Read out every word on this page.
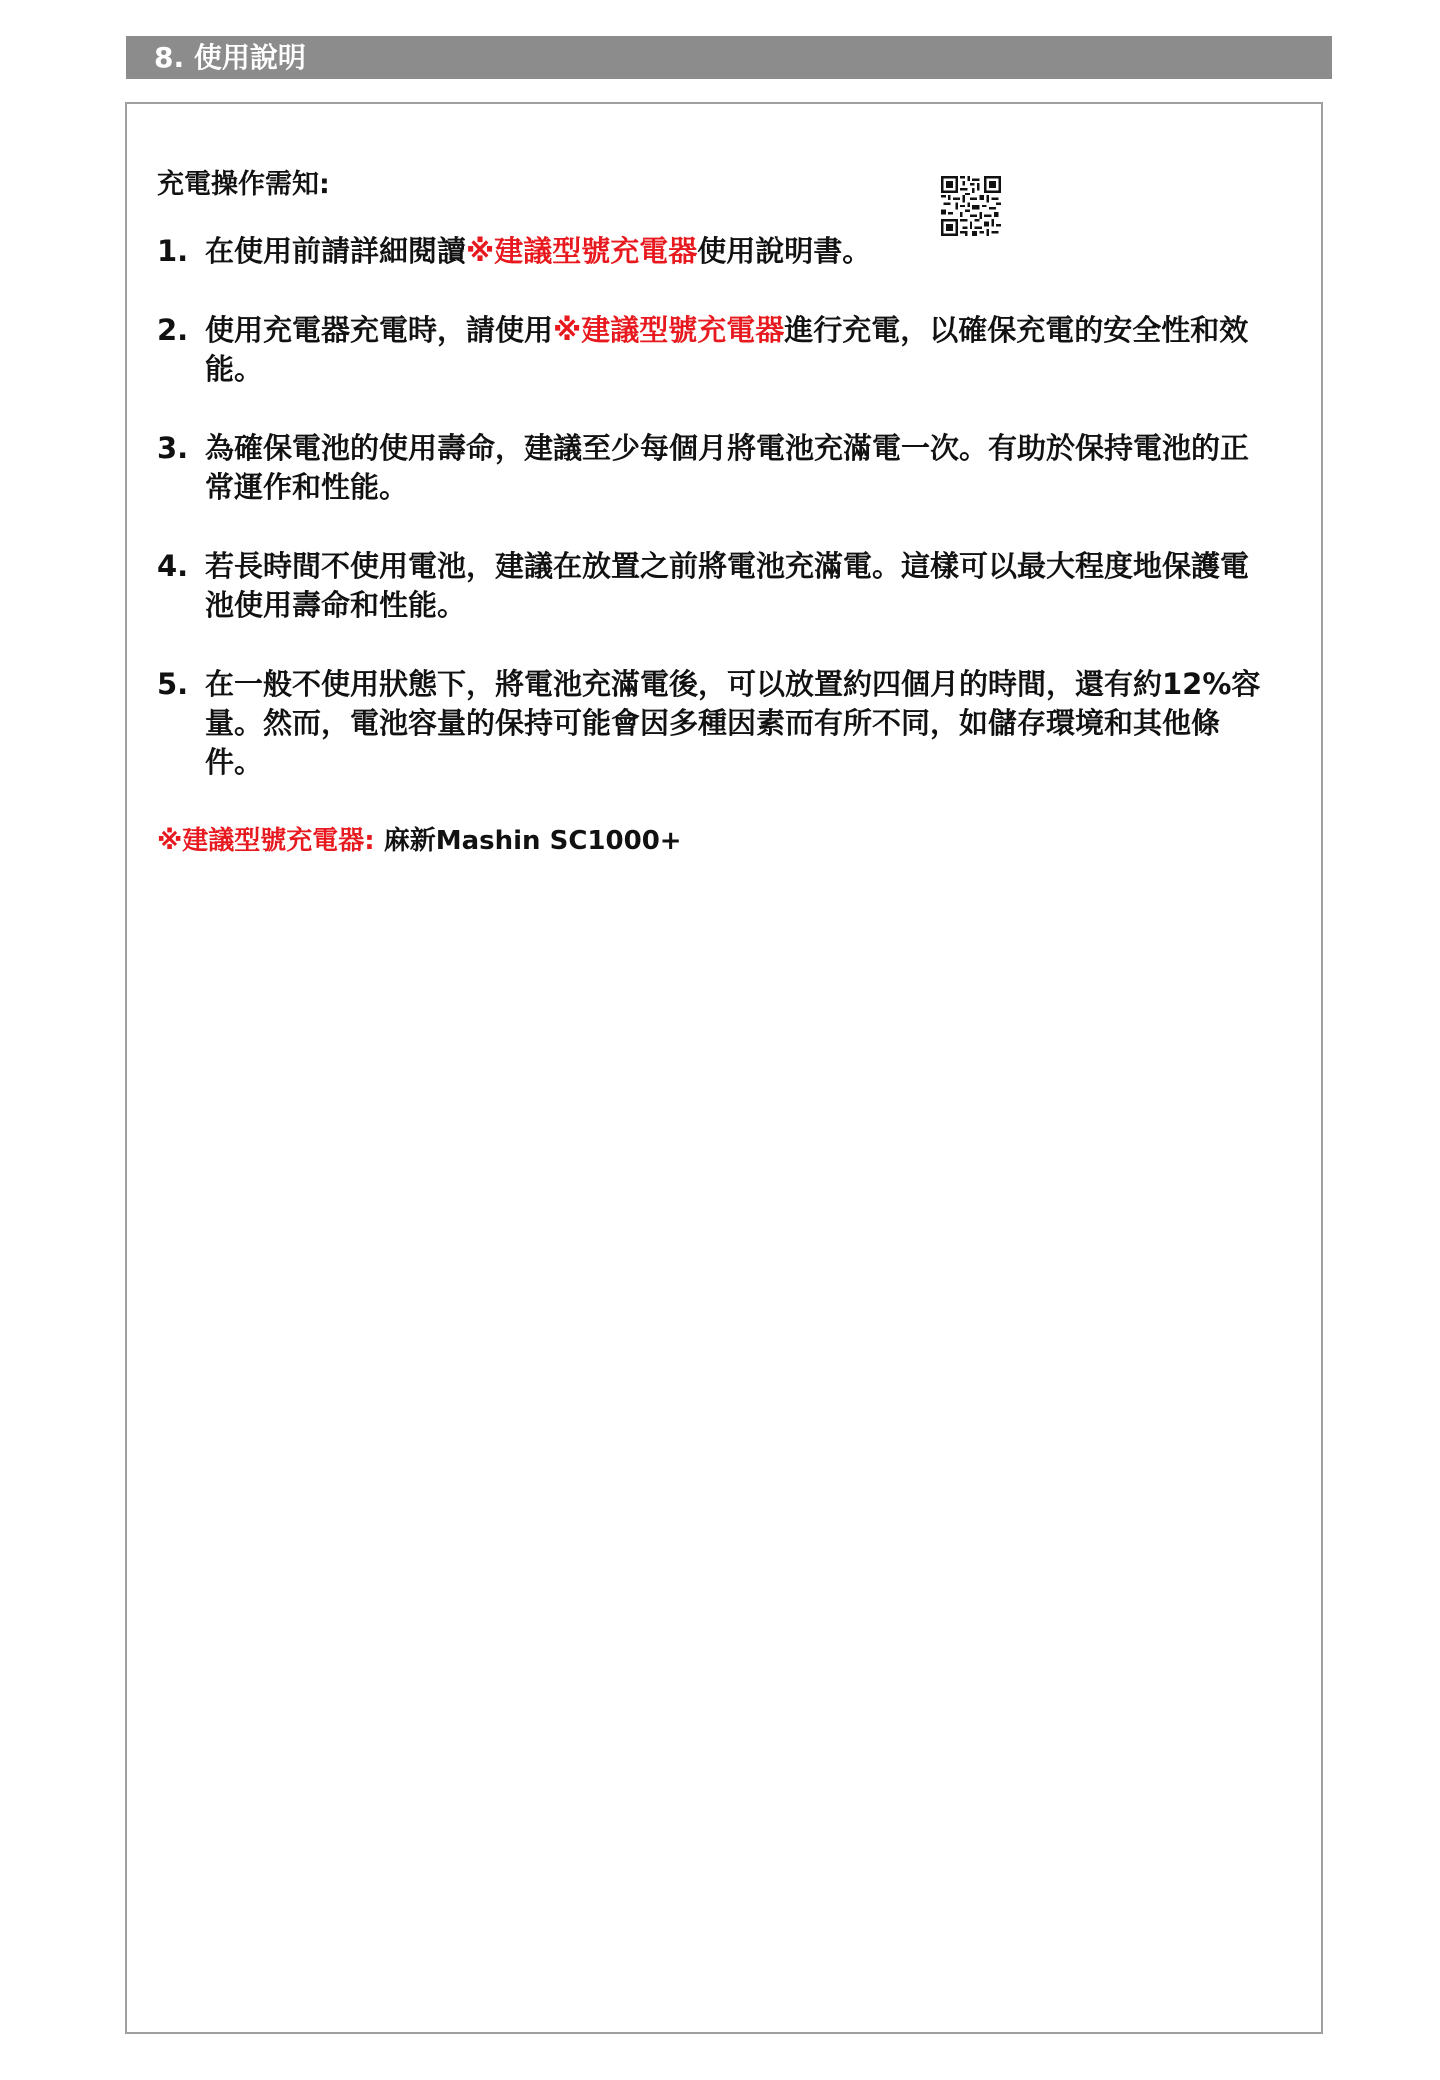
8. 使用說明
充電操作需知:
1. 在使用前請詳細閱讀※建議型號充電器使用說明書。
2. 使用充電器充電時，請使用※建議型號充電器進行充電，以確保充電的安全性和效能。
3. 為確保電池的使用壽命，建議至少每個月將電池充滿電一次。有助於保持電池的正常運作和性能。
4. 若長時間不使用電池，建議在放置之前將電池充滿電。這樣可以最大程度地保護電池使用壽命和性能。
5. 在一般不使用狀態下，將電池充滿電後，可以放置約四個月的時間，還有約12%容量。然而，電池容量的保持可能會因多種因素而有所不同，如儲存環境和其他條件。
※建議型號充電器: 麻新Mashin SC1000+
